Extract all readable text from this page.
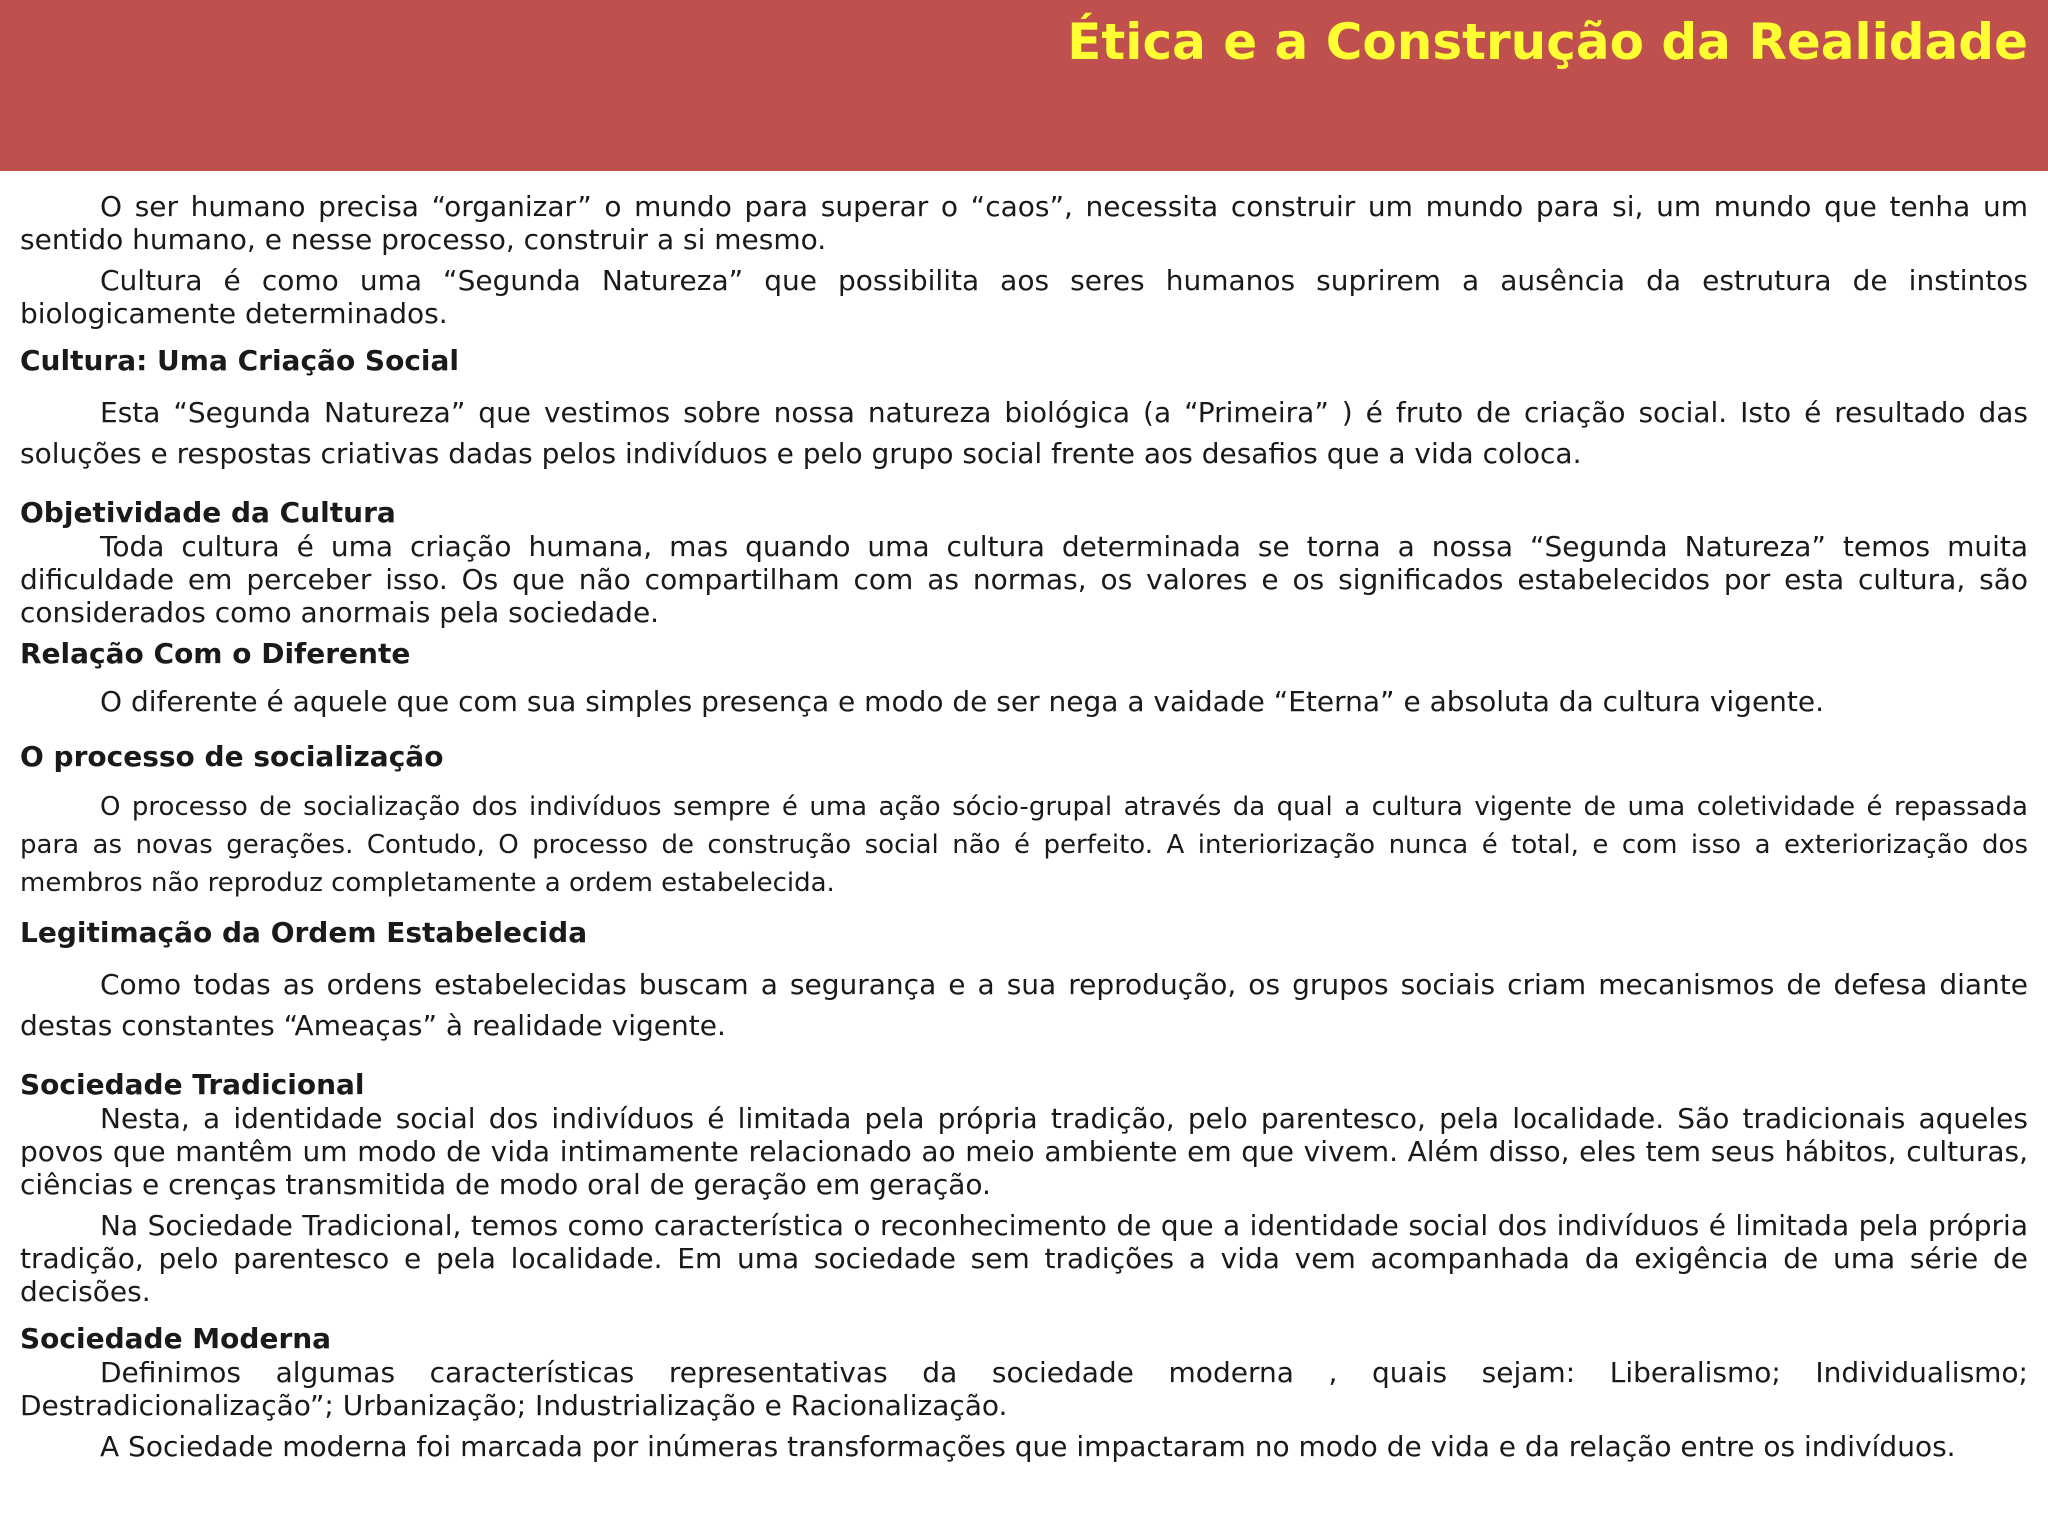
Ética e a Construção da Realidade

O ser humano precisa “organizar” o mundo para superar o “caos”, necessita construir um mundo para si, um mundo que tenha um sentido humano, e nesse processo, construir a si mesmo.

Cultura é como uma “Segunda Natureza” que possibilita aos seres humanos suprirem a ausência da estrutura de instintos biologicamente determinados.

Cultura: Uma Criação Social

Esta “Segunda Natureza” que vestimos sobre nossa natureza biológica (a “Primeira” ) é fruto de criação social. Isto é resultado das soluções e respostas criativas dadas pelos indivíduos e pelo grupo social frente aos desafios que a vida coloca.

Objetividade da Cultura

Toda cultura é uma criação humana, mas quando uma cultura determinada se torna a nossa “Segunda Natureza” temos muita dificuldade em perceber isso. Os que não compartilham com as normas, os valores e os significados estabelecidos por esta cultura, são considerados como anormais pela sociedade.

Relação Com o Diferente

O diferente é aquele que com sua simples presença e modo de ser nega a vaidade “Eterna” e absoluta da cultura vigente.

O processo de socialização

O processo de socialização dos indivíduos sempre é uma ação sócio-grupal através da qual a cultura vigente de uma coletividade é repassada para as novas gerações. Contudo, O processo de construção social não é perfeito. A interiorização nunca é total, e com isso a exteriorização dos membros não reproduz completamente a ordem estabelecida.

Legitimação da Ordem Estabelecida

Como todas as ordens estabelecidas buscam a segurança e a sua reprodução, os grupos sociais criam mecanismos de defesa diante destas constantes “Ameaças” à realidade vigente.

Sociedade Tradicional

Nesta, a identidade social dos indivíduos é limitada pela própria tradição, pelo parentesco, pela localidade. São tradicionais aqueles povos que mantêm um modo de vida intimamente relacionado ao meio ambiente em que vivem. Além disso, eles tem seus hábitos, culturas, ciências e crenças transmitida de modo oral de geração em geração.

Na Sociedade Tradicional, temos como característica o reconhecimento de que a identidade social dos indivíduos é limitada pela própria tradição, pelo parentesco e pela localidade. Em uma sociedade sem tradições a vida vem acompanhada da exigência de uma série de decisões.

Sociedade Moderna

Definimos algumas características representativas da sociedade moderna , quais sejam: Liberalismo; Individualismo; Destradicionalização”; Urbanização; Industrialização e Racionalização.

A Sociedade moderna foi marcada por inúmeras transformações que impactaram no modo de vida e da relação entre os indivíduos.
